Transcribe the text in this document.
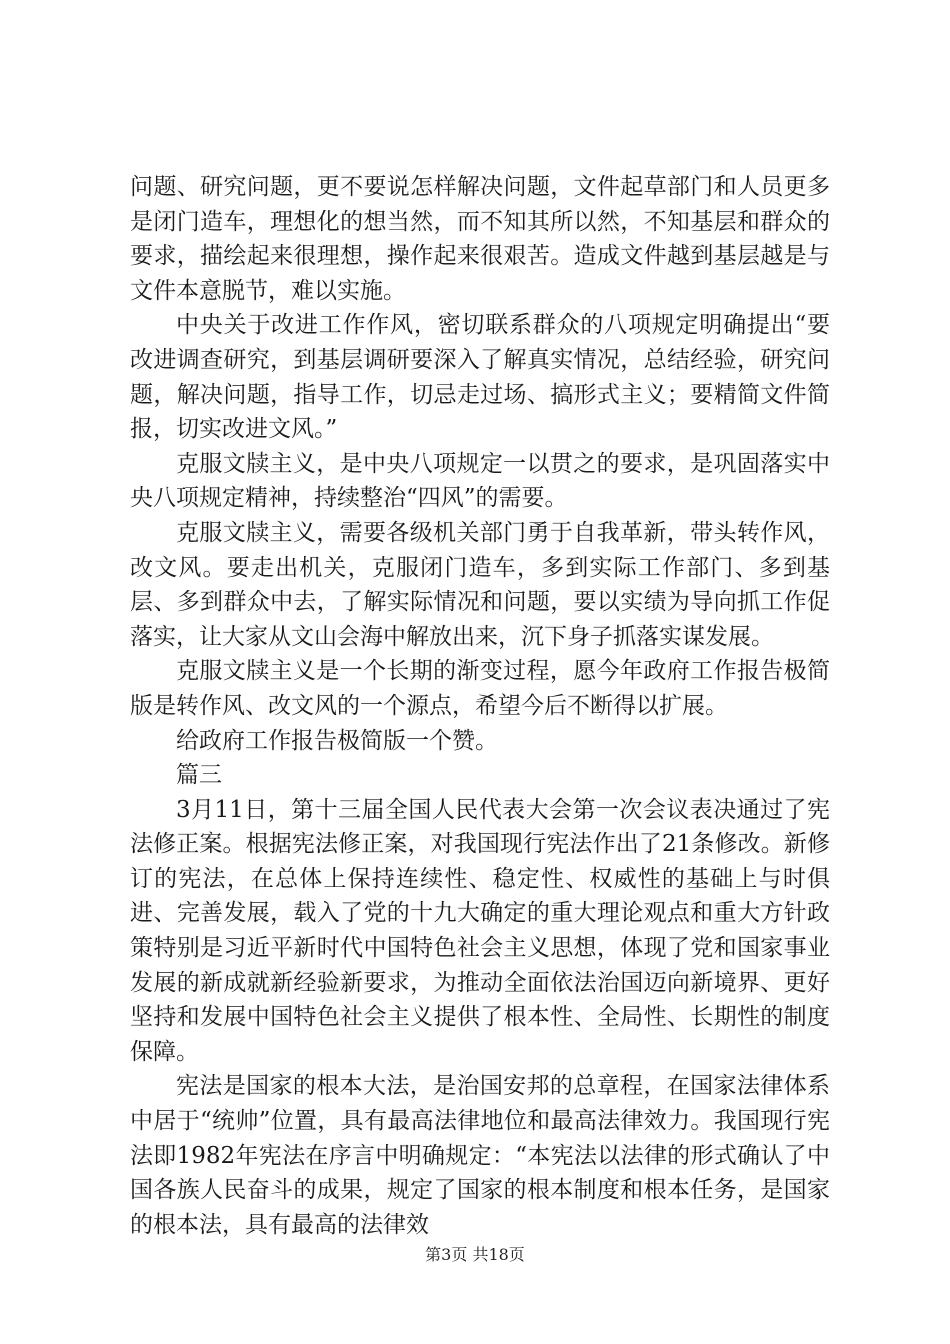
问题、研究问题，更不要说怎样解决问题，文件起草部门和人员更多是闭门造车，理想化的想当然，而不知其所以然，不知基层和群众的要求，描绘起来很理想，操作起来很艰苦。造成文件越到基层越是与文件本意脱节，难以实施。

中央关于改进工作作风，密切联系群众的八项规定明确提出“要改进调查研究，到基层调研要深入了解真实情况，总结经验，研究问题，解决问题，指导工作，切忌走过场、搞形式主义；要精简文件简报，切实改进文风。”

克服文牍主义，是中央八项规定一以贯之的要求，是巩固落实中央八项规定精神，持续整治“四风”的需要。

克服文牍主义，需要各级机关部门勇于自我革新，带头转作风，改文风。要走出机关，克服闭门造车，多到实际工作部门、多到基层、多到群众中去，了解实际情况和问题，要以实绩为导向抓工作促落实，让大家从文山会海中解放出来，沉下身子抓落实谋发展。

克服文牍主义是一个长期的渐变过程，愿今年政府工作报告极简版是转作风、改文风的一个源点，希望今后不断得以扩展。

给政府工作报告极简版一个赞。

篇三

3月11日，第十三届全国人民代表大会第一次会议表决通过了宪法修正案。根据宪法修正案，对我国现行宪法作出了21条修改。新修订的宪法，在总体上保持连续性、稳定性、权威性的基础上与时俱进、完善发展，载入了党的十九大确定的重大理论观点和重大方针政策特别是习近平新时代中国特色社会主义思想，体现了党和国家事业发展的新成就新经验新要求，为推动全面依法治国迈向新境界、更好坚持和发展中国特色社会主义提供了根本性、全局性、长期性的制度保障。

宪法是国家的根本大法，是治国安邦的总章程，在国家法律体系中居于“统帅”位置，具有最高法律地位和最高法律效力。我国现行宪法即1982年宪法在序言中明确规定：“本宪法以法律的形式确认了中国各族人民奋斗的成果，规定了国家的根本制度和根本任务，是国家的根本法，具有最高的法律效

第3页 共18页
